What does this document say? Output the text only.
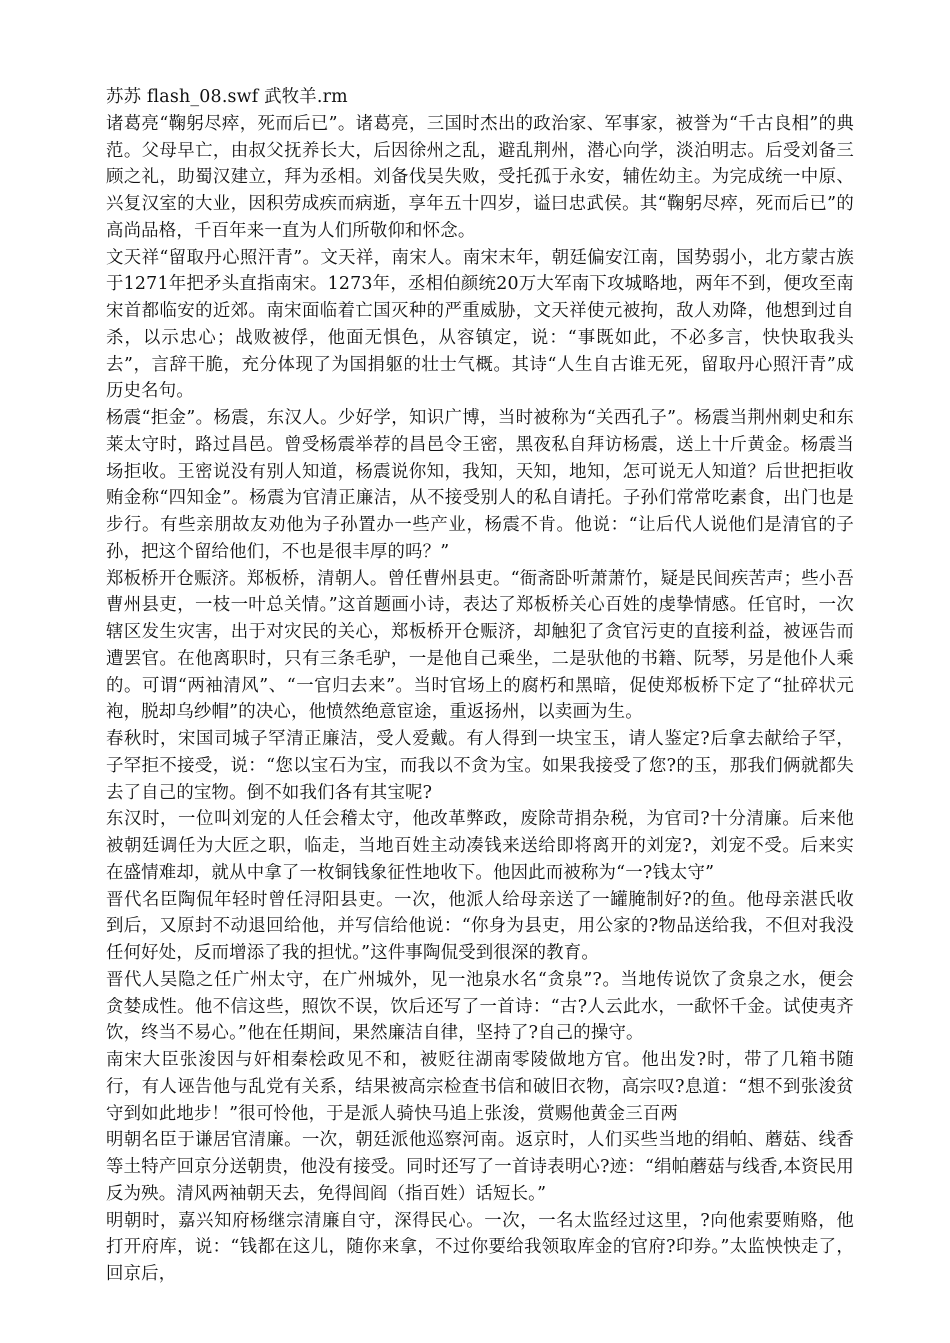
苏苏 flash_08.swf 武牧羊.rm

诸葛亮“鞠躬尽瘁，死而后已”。诸葛亮，三国时杰出的政治家、军事家，被誉为“千古良相”的典范。父母早亡，由叔父抚养长大，后因徐州之乱，避乱荆州，潜心向学，淡泊明志。后受刘备三顾之礼，助蜀汉建立，拜为丞相。刘备伐吴失败，受托孤于永安，辅佐幼主。为完成统一中原、兴复汉室的大业，因积劳成疾而病逝，享年五十四岁，谥曰忠武侯。其“鞠躬尽瘁，死而后已”的高尚品格，千百年来一直为人们所敬仰和怀念。

文天祥“留取丹心照汗青”。文天祥，南宋人。南宋末年，朝廷偏安江南，国势弱小，北方蒙古族于1271年把矛头直指南宋。1273年，丞相伯颜统20万大军南下攻城略地，两年不到，便攻至南宋首都临安的近郊。南宋面临着亡国灭种的严重威胁，文天祥使元被拘，敌人劝降，他想到过自杀，以示忠心；战败被俘，他面无惧色，从容镇定，说：“事既如此，不必多言，快快取我头去”，言辞干脆，充分体现了为国捐躯的壮士气概。其诗“人生自古谁无死，留取丹心照汗青”成历史名句。

杨震“拒金”。杨震，东汉人。少好学，知识广博，当时被称为“关西孔子”。杨震当荆州刺史和东莱太守时，路过昌邑。曾受杨震举荐的昌邑令王密，黑夜私自拜访杨震，送上十斤黄金。杨震当场拒收。王密说没有别人知道，杨震说你知，我知，天知，地知，怎可说无人知道？后世把拒收贿金称“四知金”。杨震为官清正廉洁，从不接受别人的私自请托。子孙们常常吃素食，出门也是步行。有些亲朋故友劝他为子孙置办一些产业，杨震不肯。他说：“让后代人说他们是清官的子孙，把这个留给他们，不也是很丰厚的吗？”

郑板桥开仓赈济。郑板桥，清朝人。曾任曹州县吏。“衙斋卧听萧萧竹，疑是民间疾苦声；些小吾曹州县吏，一枝一叶总关情。”这首题画小诗，表达了郑板桥关心百姓的虔挚情感。任官时，一次辖区发生灾害，出于对灾民的关心，郑板桥开仓赈济，却触犯了贪官污吏的直接利益，被诬告而遭罢官。在他离职时，只有三条毛驴，一是他自己乘坐，二是驮他的书籍、阮琴，另是他仆人乘的。可谓“两袖清风”、“一官归去来”。当时官场上的腐朽和黑暗，促使郑板桥下定了“扯碎状元袍，脱却乌纱帽”的决心，他愤然绝意宦途，重返扬州，以卖画为生。

春秋时，宋国司城子罕清正廉洁，受人爱戴。有人得到一块宝玉，请人鉴定?后拿去献给子罕，子罕拒不接受，说：“您以宝石为宝，而我以不贪为宝。如果我接受了您?的玉，那我们俩就都失去了自己的宝物。倒不如我们各有其宝呢?

东汉时，一位叫刘宠的人任会稽太守，他改革弊政，废除苛捐杂税，为官司?十分清廉。后来他被朝廷调任为大匠之职，临走，当地百姓主动凑钱来送给即将离开的刘宠?，刘宠不受。后来实在盛情难却，就从中拿了一枚铜钱象征性地收下。他因此而被称为“一?钱太守”

晋代名臣陶侃年轻时曾任浔阳县吏。一次，他派人给母亲送了一罐腌制好?的鱼。他母亲湛氏收到后，又原封不动退回给他，并写信给他说：“你身为县吏，用公家的?物品送给我，不但对我没任何好处，反而增添了我的担忧。”这件事陶侃受到很深的教育。

晋代人吴隐之任广州太守，在广州城外，见一池泉水名“贪泉”?。当地传说饮了贪泉之水，便会贪婪成性。他不信这些，照饮不误，饮后还写了一首诗：“古?人云此水，一歃怀千金。试使夷齐饮，终当不易心。”他在任期间，果然廉洁自律，坚持了?自己的操守。

南宋大臣张浚因与奸相秦桧政见不和，被贬往湖南零陵做地方官。他出发?时，带了几箱书随行，有人诬告他与乱党有关系，结果被高宗检查书信和破旧衣物，高宗叹?息道：“想不到张浚贫守到如此地步！”很可怜他，于是派人骑快马追上张浚，赏赐他黄金三百两

明朝名臣于谦居官清廉。一次，朝廷派他巡察河南。返京时，人们买些当地的绢帕、蘑菇、线香等土特产回京分送朝贵，他没有接受。同时还写了一首诗表明心?迹：“绢帕蘑菇与线香,本资民用反为殃。清风两袖朝天去，免得闾阎（指百姓）话短长。”

明朝时，嘉兴知府杨继宗清廉自守，深得民心。一次，一名太监经过这里，?向他索要贿赂，他打开府库，说：“钱都在这儿，随你来拿，不过你要给我领取库金的官府?印券。”太监怏怏走了，回京后，
